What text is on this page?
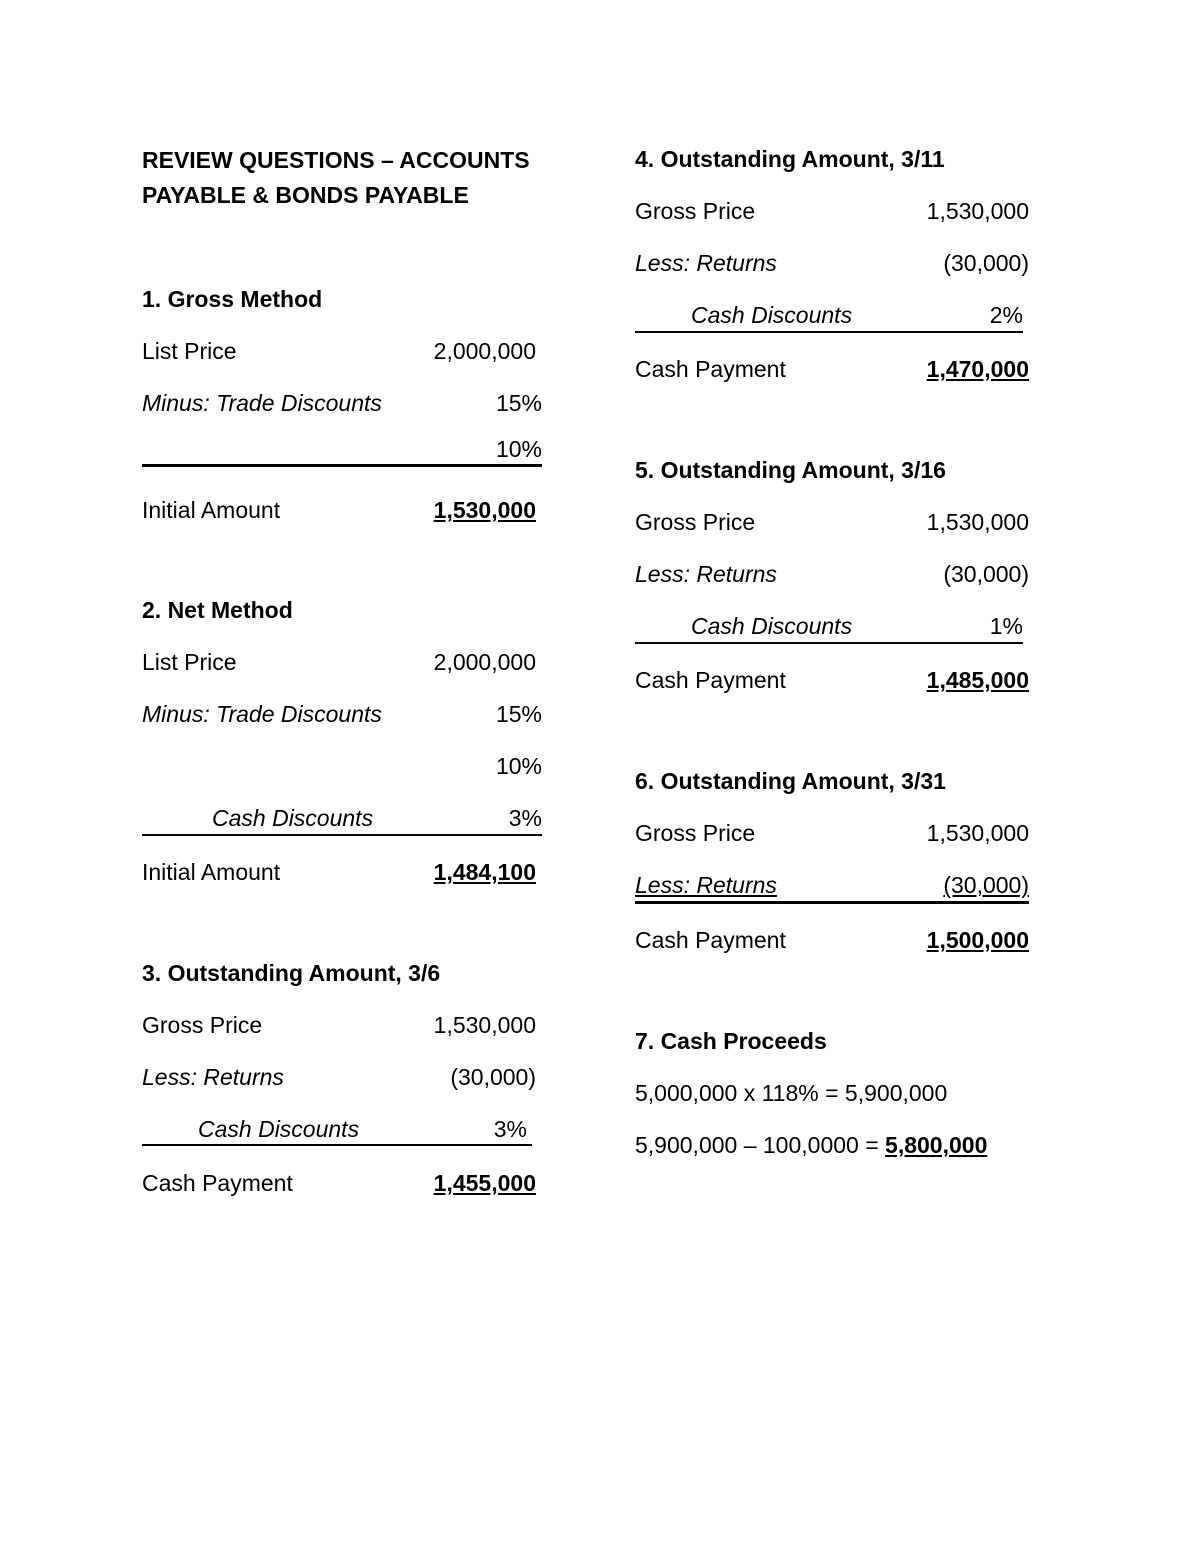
REVIEW QUESTIONS – ACCOUNTS
PAYABLE & BONDS PAYABLE
1. Gross Method
List Price	2,000,000
Minus: Trade Discounts	15%
10%
Initial Amount	1,530,000
2. Net Method
List Price	2,000,000
Minus: Trade Discounts	15%
10%
Cash Discounts	3%
Initial Amount	1,484,100
3. Outstanding Amount, 3/6
Gross Price	1,530,000
Less: Returns	(30,000)
Cash Discounts	3%
Cash Payment	1,455,000
4. Outstanding Amount, 3/11
Gross Price	1,530,000
Less: Returns	(30,000)
Cash Discounts	2%
Cash Payment	1,470,000
5. Outstanding Amount, 3/16
Gross Price	1,530,000
Less: Returns	(30,000)
Cash Discounts	1%
Cash Payment	1,485,000
6. Outstanding Amount, 3/31
Gross Price	1,530,000
Less: Returns	(30,000)
Cash Payment	1,500,000
7. Cash Proceeds
5,000,000 x 118% = 5,900,000
5,900,000 – 100,0000 = 5,800,000
